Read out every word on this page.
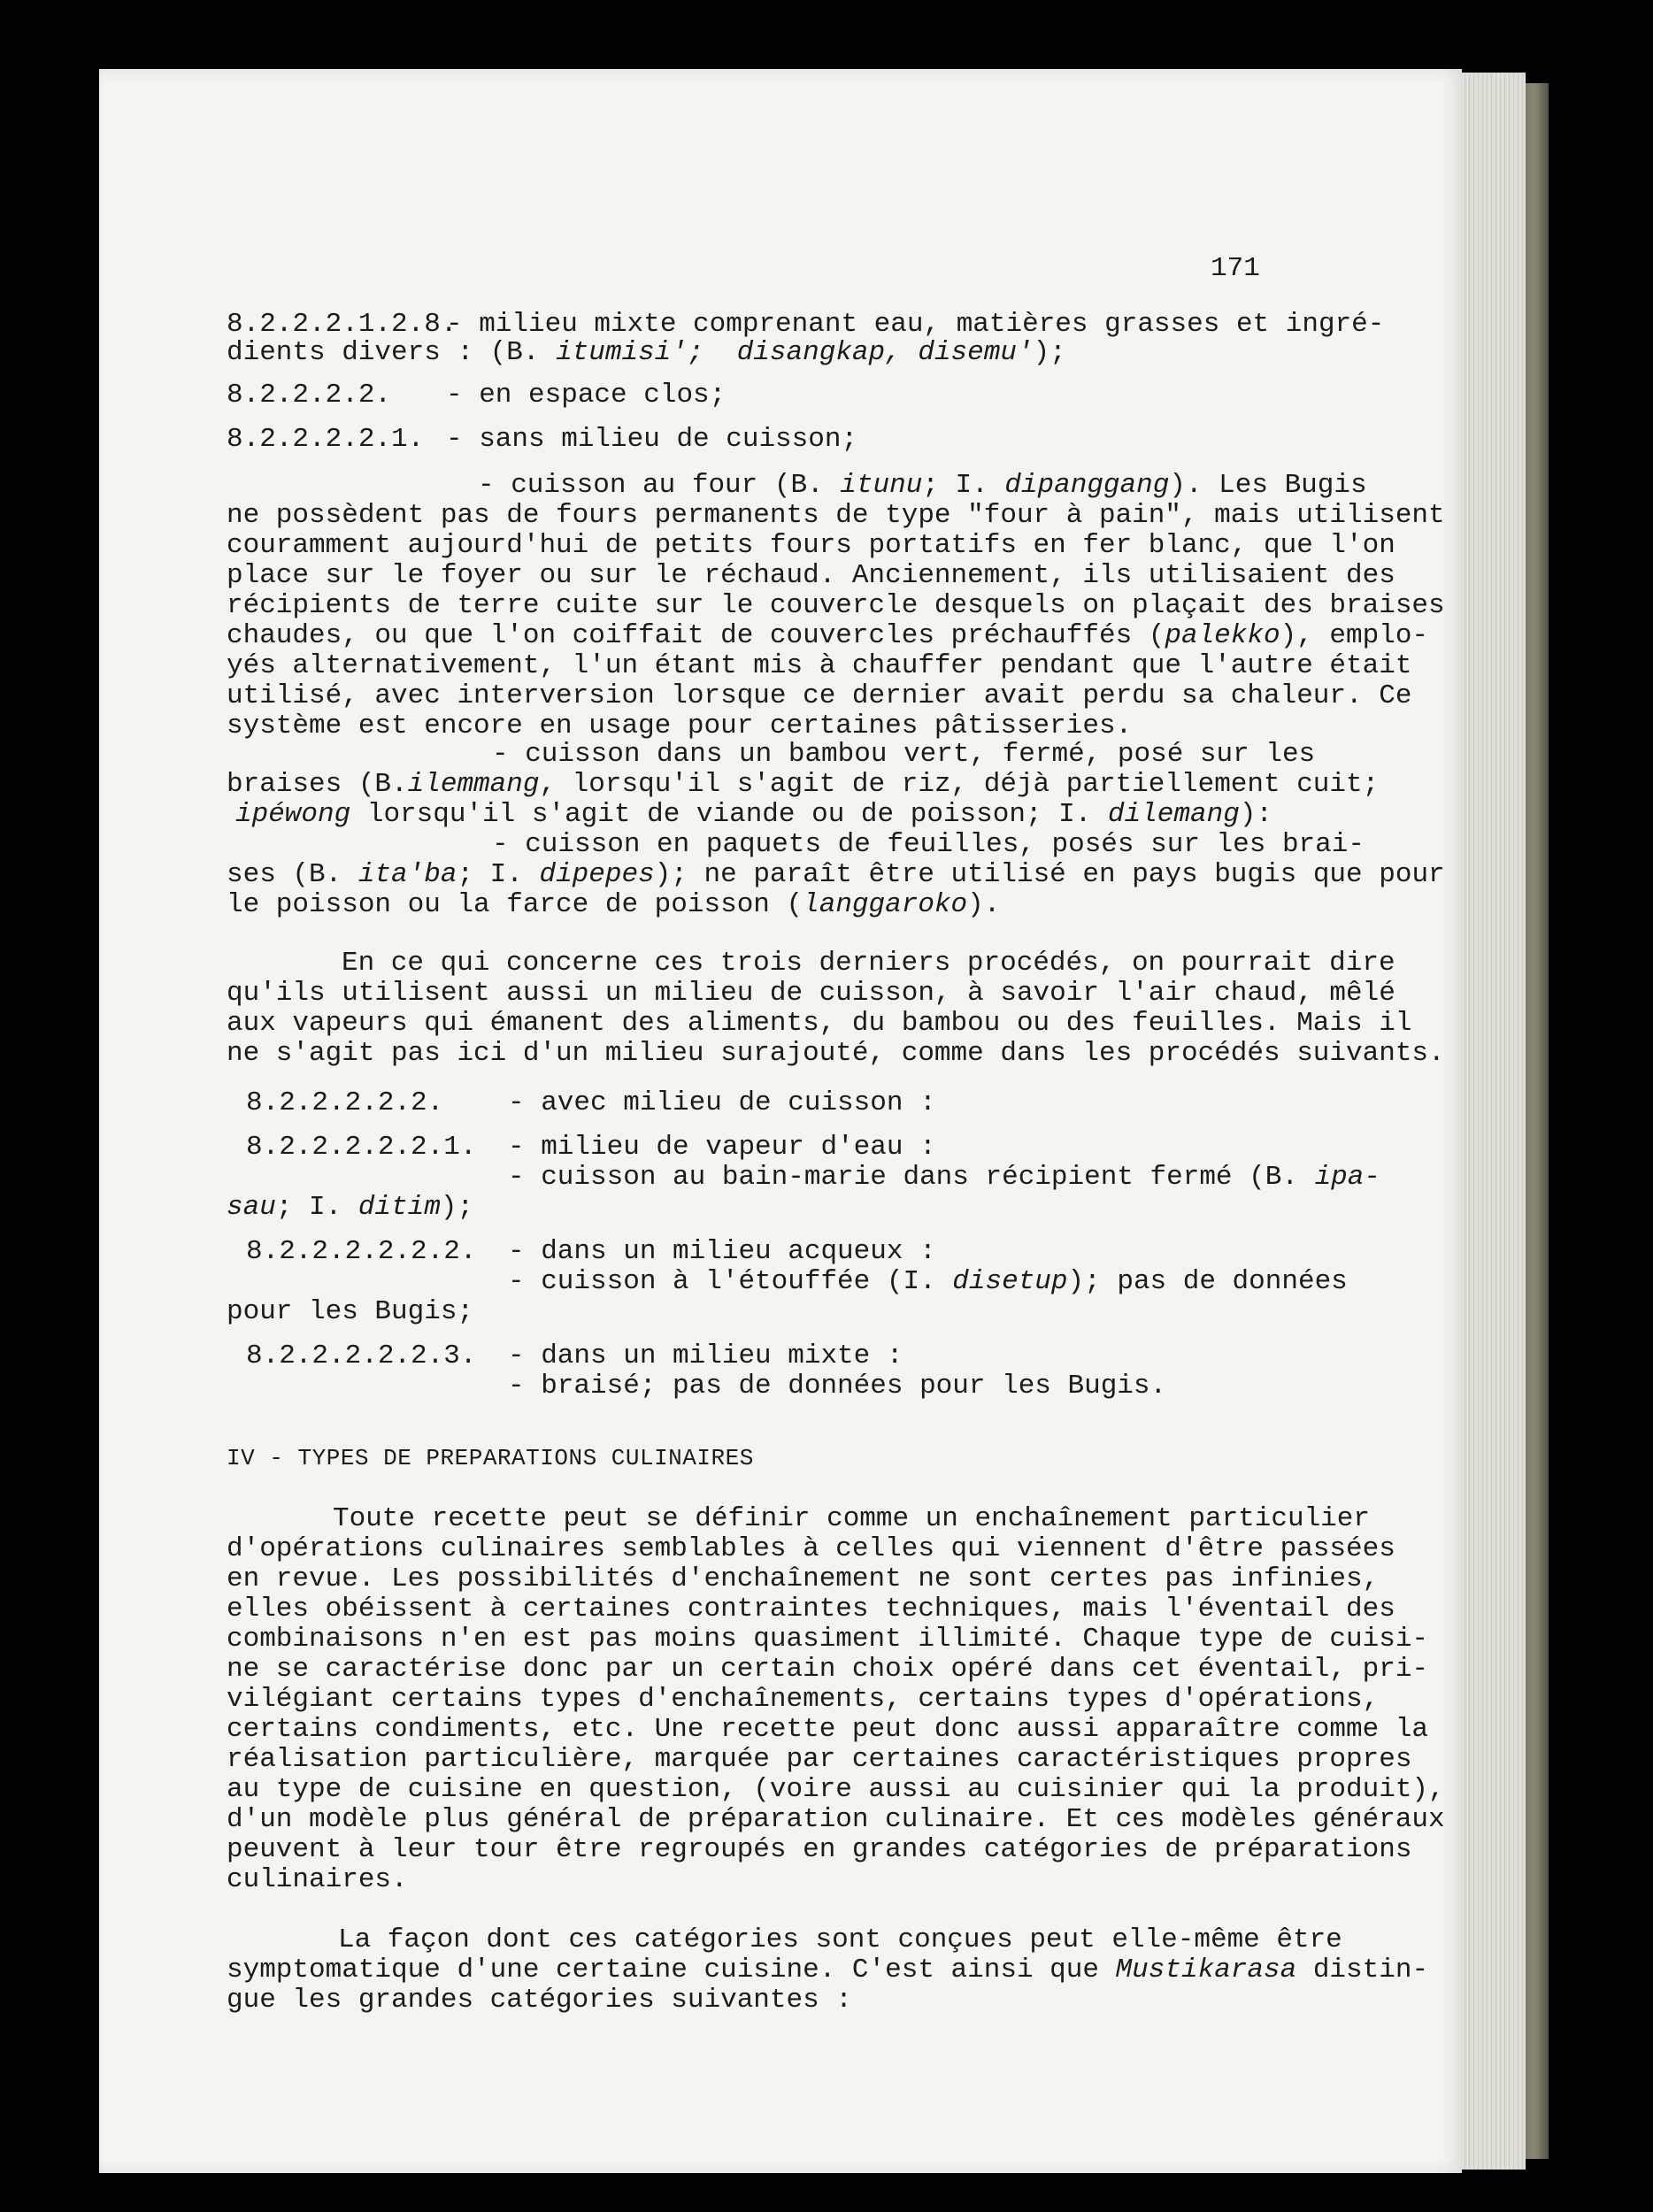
171
8.2.2.2.1.2.8.
- milieu mixte comprenant eau, matières grasses et ingré-
dients divers : (B. itumisi';  disangkap, disemu');
8.2.2.2.2. - en espace clos;
8.2.2.2.2.1. - sans milieu de cuisson;
- cuisson au four (B. itunu; I. dipanggang). Les Bugis
ne possèdent pas de fours permanents de type "four à pain", mais utilisent
couramment aujourd'hui de petits fours portatifs en fer blanc, que l'on
place sur le foyer ou sur le réchaud. Anciennement, ils utilisaient des
récipients de terre cuite sur le couvercle desquels on plaçait des braises
chaudes, ou que l'on coiffait de couvercles préchauffés (palekko), emplo-
yés alternativement, l'un étant mis à chauffer pendant que l'autre était
utilisé, avec interversion lorsque ce dernier avait perdu sa chaleur. Ce
système est encore en usage pour certaines pâtisseries.
- cuisson dans un bambou vert, fermé, posé sur les
braises (B.ilemmang, lorsqu'il s'agit de riz, déjà partiellement cuit;
ipéwong lorsqu'il s'agit de viande ou de poisson; I. dilemang):
- cuisson en paquets de feuilles, posés sur les brai-
ses (B. ita'ba; I. dipepes); ne paraît être utilisé en pays bugis que pour
le poisson ou la farce de poisson (langgaroko).
En ce qui concerne ces trois derniers procédés, on pourrait dire
qu'ils utilisent aussi un milieu de cuisson, à savoir l'air chaud, mêlé
aux vapeurs qui émanent des aliments, du bambou ou des feuilles. Mais il
ne s'agit pas ici d'un milieu surajouté, comme dans les procédés suivants.
8.2.2.2.2.2. - avec milieu de cuisson :
8.2.2.2.2.2.1. - milieu de vapeur d'eau :
- cuisson au bain-marie dans récipient fermé (B. ipa-
sau; I. ditim);
8.2.2.2.2.2.2. - dans un milieu acqueux :
- cuisson à l'étouffée (I. disetup); pas de données
pour les Bugis;
8.2.2.2.2.2.3. - dans un milieu mixte :
- braisé; pas de données pour les Bugis.
IV - TYPES DE PREPARATIONS CULINAIRES
Toute recette peut se définir comme un enchaînement particulier
d'opérations culinaires semblables à celles qui viennent d'être passées
en revue. Les possibilités d'enchaînement ne sont certes pas infinies,
elles obéissent à certaines contraintes techniques, mais l'éventail des
combinaisons n'en est pas moins quasiment illimité. Chaque type de cuisi-
ne se caractérise donc par un certain choix opéré dans cet éventail, pri-
vilégiant certains types d'enchaînements, certains types d'opérations,
certains condiments, etc. Une recette peut donc aussi apparaître comme la
réalisation particulière, marquée par certaines caractéristiques propres
au type de cuisine en question, (voire aussi au cuisinier qui la produit),
d'un modèle plus général de préparation culinaire. Et ces modèles généraux
peuvent à leur tour être regroupés en grandes catégories de préparations
culinaires.
La façon dont ces catégories sont conçues peut elle-même être
symptomatique d'une certaine cuisine. C'est ainsi que Mustikarasa distin-
gue les grandes catégories suivantes :
